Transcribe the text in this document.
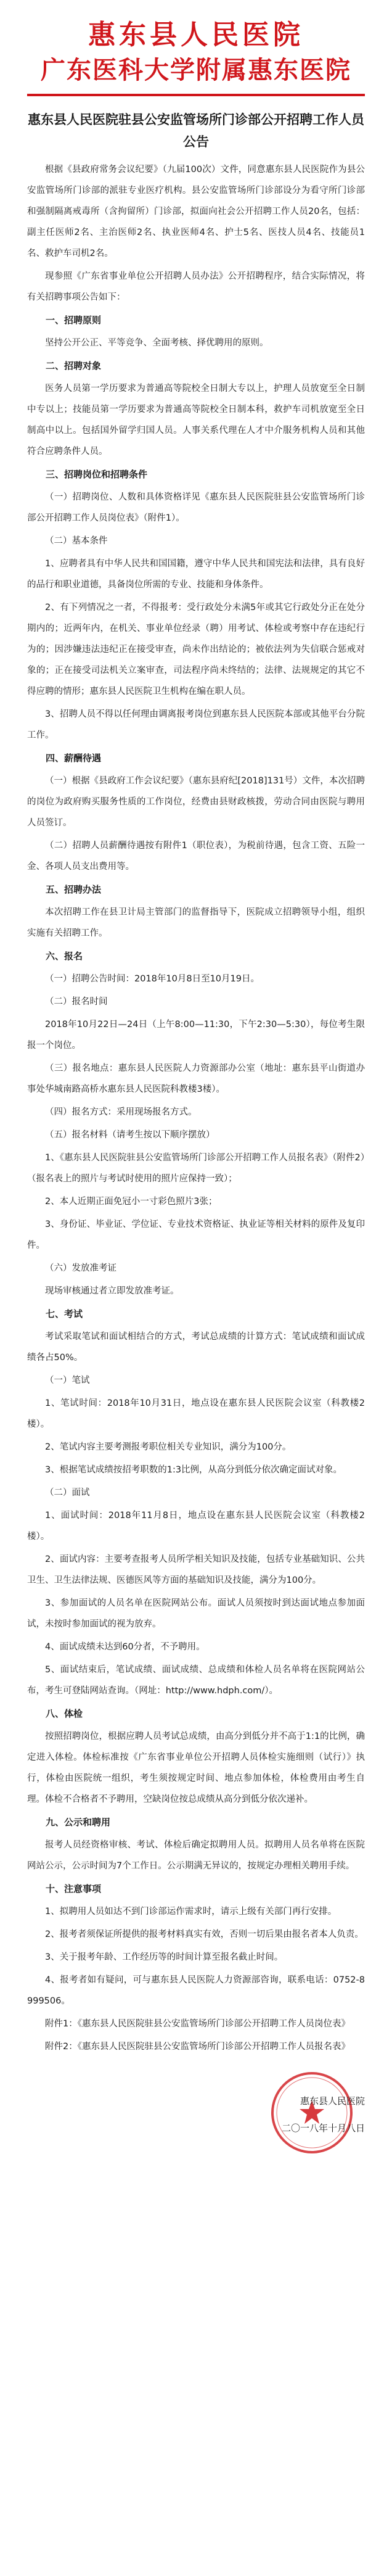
惠东县人民医院
广东医科大学附属惠东医院
惠东县人民医院驻县公安监管场所门诊部公开招聘工作人员公告

根据《县政府常务会议纪要》（九届100次）文件，同意惠东县人民医院作为县公安监管场所门诊部的派驻专业医疗机构。县公安监管场所门诊部设分为看守所门诊部和强制隔离戒毒所（含拘留所）门诊部，拟面向社会公开招聘工作人员20名，包括：副主任医师2名、主治医师2名、执业医师4名、护士5名、医技人员4名、技能员1名、救护车司机2名。

现参照《广东省事业单位公开招聘人员办法》公开招聘程序，结合实际情况，将有关招聘事项公告如下：

一、招聘原则

坚持公开公正、平等竞争、全面考核、择优聘用的原则。

二、招聘对象

医务人员第一学历要求为普通高等院校全日制大专以上，护理人员放宽至全日制中专以上；技能员第一学历要求为普通高等院校全日制本科，救护车司机放宽至全日制高中以上。包括国外留学归国人员。人事关系代理在人才中介服务机构人员和其他符合应聘条件人员。

三、招聘岗位和招聘条件

（一）招聘岗位、人数和具体资格详见《惠东县人民医院驻县公安监管场所门诊部公开招聘工作人员岗位表》（附件1）。

（二）基本条件

1、应聘者具有中华人民共和国国籍，遵守中华人民共和国宪法和法律，具有良好的品行和职业道德，具备岗位所需的专业、技能和身体条件。

2、有下列情况之一者，不得报考：受行政处分未满5年或其它行政处分正在处分期内的；近两年内，在机关、事业单位经录（聘）用考试、体检或考察中存在违纪行为的；因涉嫌违法违纪正在接受审查，尚未作出结论的；被依法列为失信联合惩戒对象的；正在接受司法机关立案审查，司法程序尚未终结的；法律、法规规定的其它不得应聘的情形；惠东县人民医院卫生机构在编在职人员。

3、招聘人员不得以任何理由调离报考岗位到惠东县人民医院本部或其他平台分院工作。

四、薪酬待遇

（一）根据《县政府工作会议纪要》（惠东县府纪[2018]131号）文件，本次招聘的岗位为政府购买服务性质的工作岗位，经费由县财政核拨，劳动合同由医院与聘用人员签订。

（二）招聘人员薪酬待遇按有附件1（职位表），为税前待遇，包含工资、五险一金、各项人员支出费用等。

五、招聘办法

本次招聘工作在县卫计局主管部门的监督指导下，医院成立招聘领导小组，组织实施有关招聘工作。

六、报名

（一）招聘公告时间：2018年10月8日至10月19日。

（二）报名时间

2018年10月22日—24日（上午8:00—11:30，下午2:30—5:30），每位考生限报一个岗位。

（三）报名地点：惠东县人民医院人力资源部办公室（地址：惠东县平山街道办事处华城南路高桥水惠东县人民医院科教楼3楼）。

（四）报名方式：采用现场报名方式。

（五）报名材料（请考生按以下顺序摆放）

1、《惠东县人民医院驻县公安监管场所门诊部公开招聘工作人员报名表》（附件2）（报名表上的照片与考试时使用的照片应保持一致）；

2、本人近期正面免冠小一寸彩色照片3张；

3、身份证、毕业证、学位证、专业技术资格证、执业证等相关材料的原件及复印件。

（六）发放准考证

现场审核通过者立即发放准考证。

七、考试

考试采取笔试和面试相结合的方式，考试总成绩的计算方式：笔试成绩和面试成绩各占50%。

（一）笔试

1、笔试时间：2018年10月31日，地点设在惠东县人民医院会议室（科教楼2楼）。

2、笔试内容主要考测报考职位相关专业知识，满分为100分。

3、根据笔试成绩按招考职数的1:3比例，从高分到低分依次确定面试对象。

（二）面试

1、面试时间：2018年11月8日，地点设在惠东县人民医院会议室（科教楼2楼）。

2、面试内容：主要考查报考人员所学相关知识及技能，包括专业基础知识、公共卫生、卫生法律法规、医德医风等方面的基础知识及技能，满分为100分。

3、参加面试的人员名单在医院网站公布。面试人员须按时到达面试地点参加面试，未按时参加面试的视为放弃。

4、面试成绩未达到60分者，不予聘用。

5、面试结束后，笔试成绩、面试成绩、总成绩和体检人员名单将在医院网站公布，考生可登陆网站查询。（网址：http://www.hdph.com/）。

八、体检

按照招聘岗位，根据应聘人员考试总成绩，由高分到低分并不高于1:1的比例，确定进入体检。体检标准按《广东省事业单位公开招聘人员体检实施细则（试行）》执行，体检由医院统一组织，考生须按规定时间、地点参加体检，体检费用由考生自理。体检不合格者不予聘用，空缺岗位按总成绩从高分到低分依次递补。

九、公示和聘用

报考人员经资格审核、考试、体检后确定拟聘用人员。拟聘用人员名单将在医院网站公示，公示时间为7个工作日。公示期满无异议的，按规定办理相关聘用手续。

十、注意事项

1、拟聘用人员如达不到门诊部运作需求时，请示上级有关部门再行安排。

2、报考者须保证所提供的报考材料真实有效，否则一切后果由报名者本人负责。

3、关于报考年龄、工作经历等的时间计算至报名截止时间。

4、报考者如有疑问，可与惠东县人民医院人力资源部咨询，联系电话：0752-8999506。

附件1：《惠东县人民医院驻县公安监管场所门诊部公开招聘工作人员岗位表》

附件2：《惠东县人民医院驻县公安监管场所门诊部公开招聘工作人员报名表》

惠东县人民医院
二〇一八年十月八日
